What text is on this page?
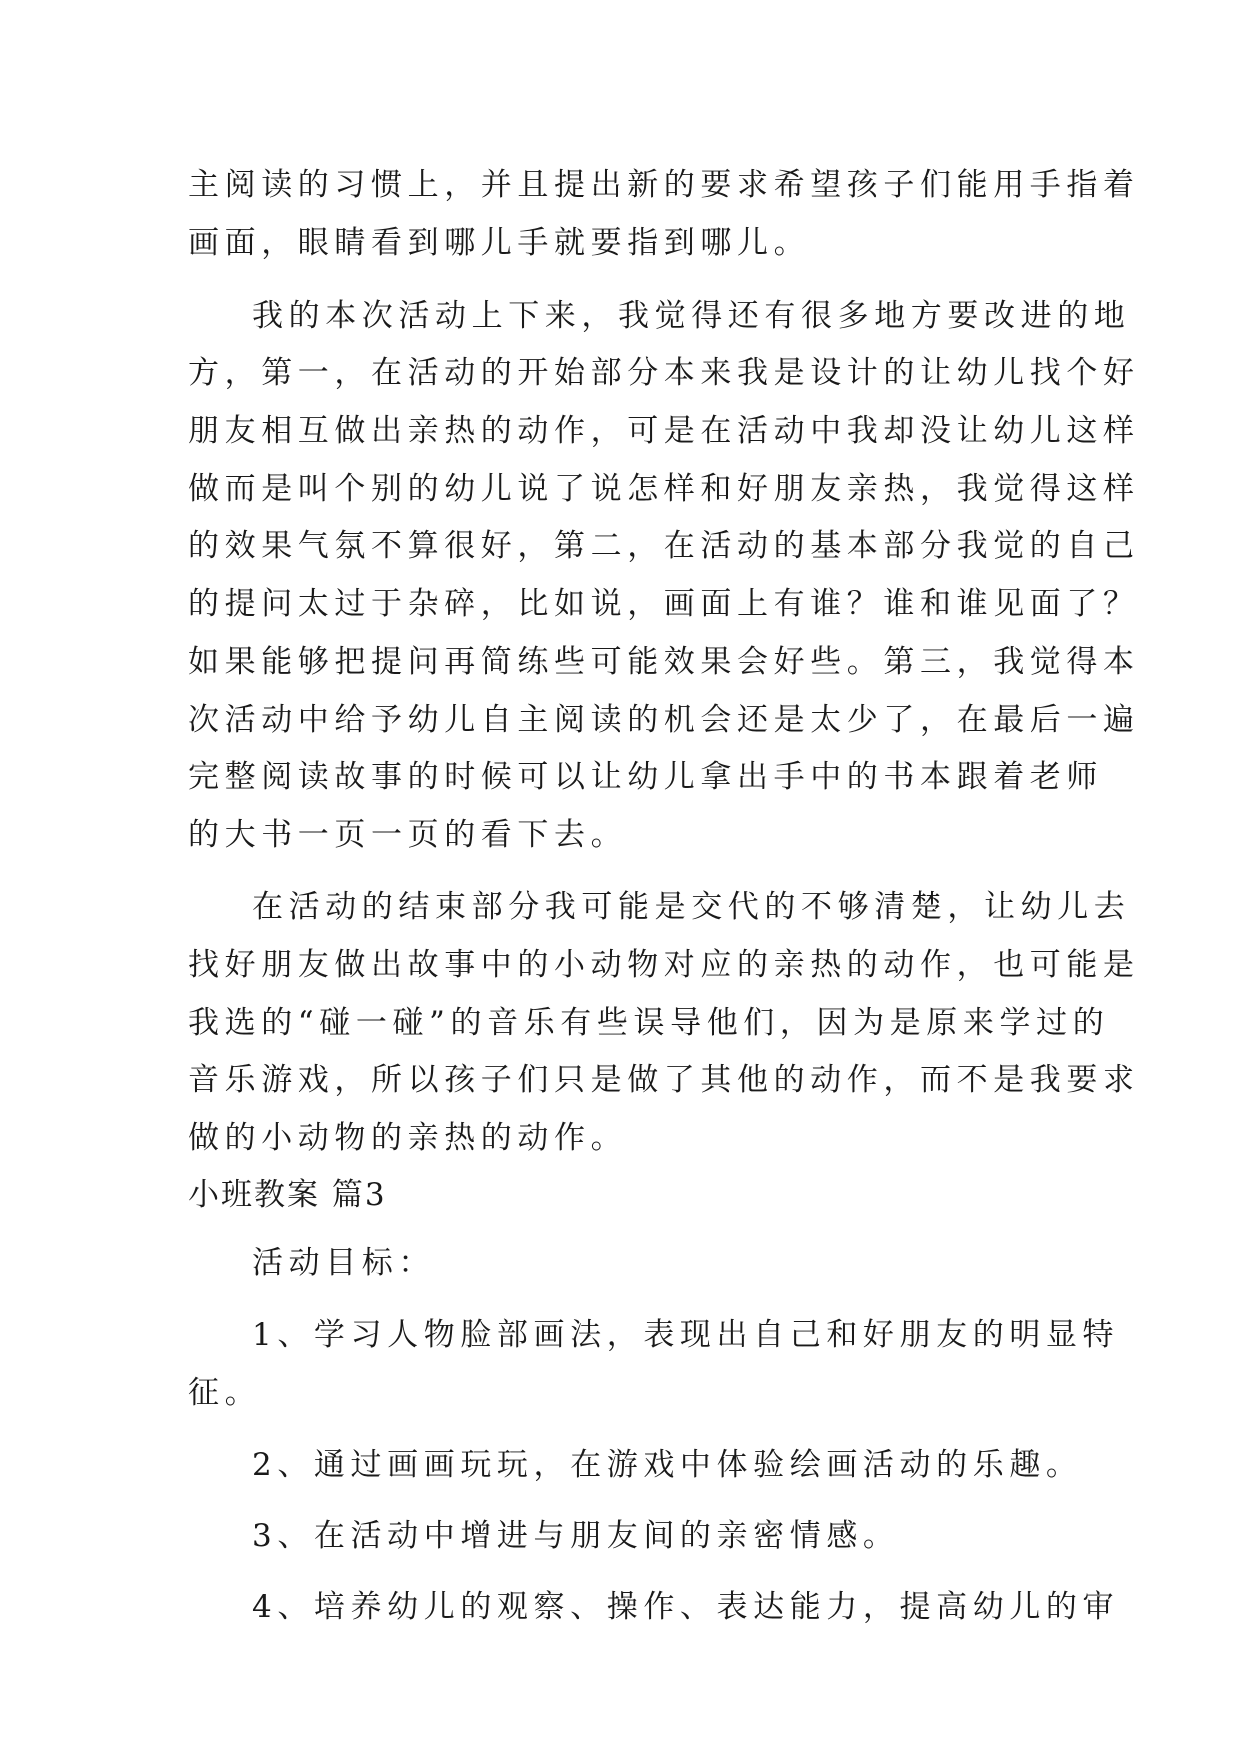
主阅读的习惯上，并且提出新的要求希望孩子们能用手指着
画面，眼睛看到哪儿手就要指到哪儿。
我的本次活动上下来，我觉得还有很多地方要改进的地
方，第一，在活动的开始部分本来我是设计的让幼儿找个好
朋友相互做出亲热的动作，可是在活动中我却没让幼儿这样
做而是叫个别的幼儿说了说怎样和好朋友亲热，我觉得这样
的效果气氛不算很好，第二，在活动的基本部分我觉的自己
的提问太过于杂碎，比如说，画面上有谁？谁和谁见面了？
如果能够把提问再简练些可能效果会好些。第三，我觉得本
次活动中给予幼儿自主阅读的机会还是太少了，在最后一遍
完整阅读故事的时候可以让幼儿拿出手中的书本跟着老师
的大书一页一页的看下去。
在活动的结束部分我可能是交代的不够清楚，让幼儿去
找好朋友做出故事中的小动物对应的亲热的动作，也可能是
我选的“碰一碰”的音乐有些误导他们，因为是原来学过的
音乐游戏，所以孩子们只是做了其他的动作，而不是我要求
做的小动物的亲热的动作。
小班教案 篇3
活动目标：
1、学习人物脸部画法，表现出自己和好朋友的明显特
征。
2、通过画画玩玩，在游戏中体验绘画活动的乐趣。
3、在活动中增进与朋友间的亲密情感。
4、培养幼儿的观察、操作、表达能力，提高幼儿的审
